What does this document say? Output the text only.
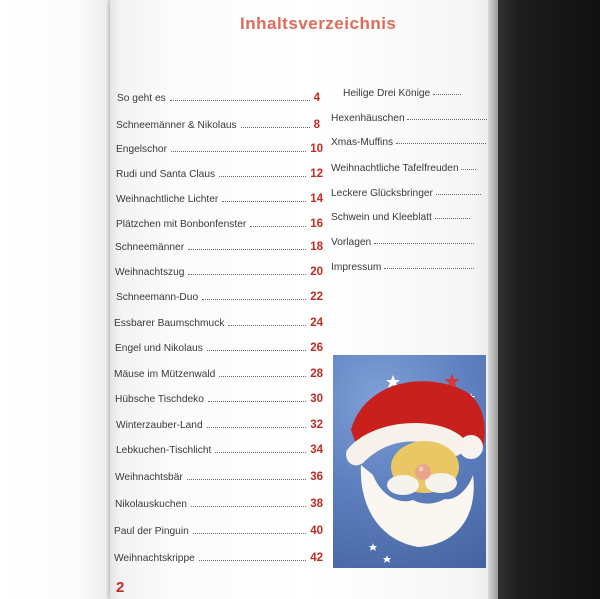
Inhaltsverzeichnis
So geht es	4
Schneemänner & Nikolaus	8
Engelschor	10
Rudi und Santa Claus	12
Weihnachtliche Lichter	14
Plätzchen mit Bonbonfenster	16
Schneemänner	18
Weihnachtszug	20
Schneemann-Duo	22
Essbarer Baumschmuck	24
Engel und Nikolaus	26
Mäuse im Mützenwald	28
Hübsche Tischdeko	30
Winterzauber-Land	32
Lebkuchen-Tischlicht	34
Weihnachtsbär	36
Nikolauskuchen	38
Paul der Pinguin	40
Weihnachtskrippe	42
Heilige Drei Könige
Hexenhäuschen
Xmas-Muffins
Weihnachtliche Tafelfreuden
Leckere Glücksbringer
Schwein und Kleeblatt
Vorlagen
Impressum
2
